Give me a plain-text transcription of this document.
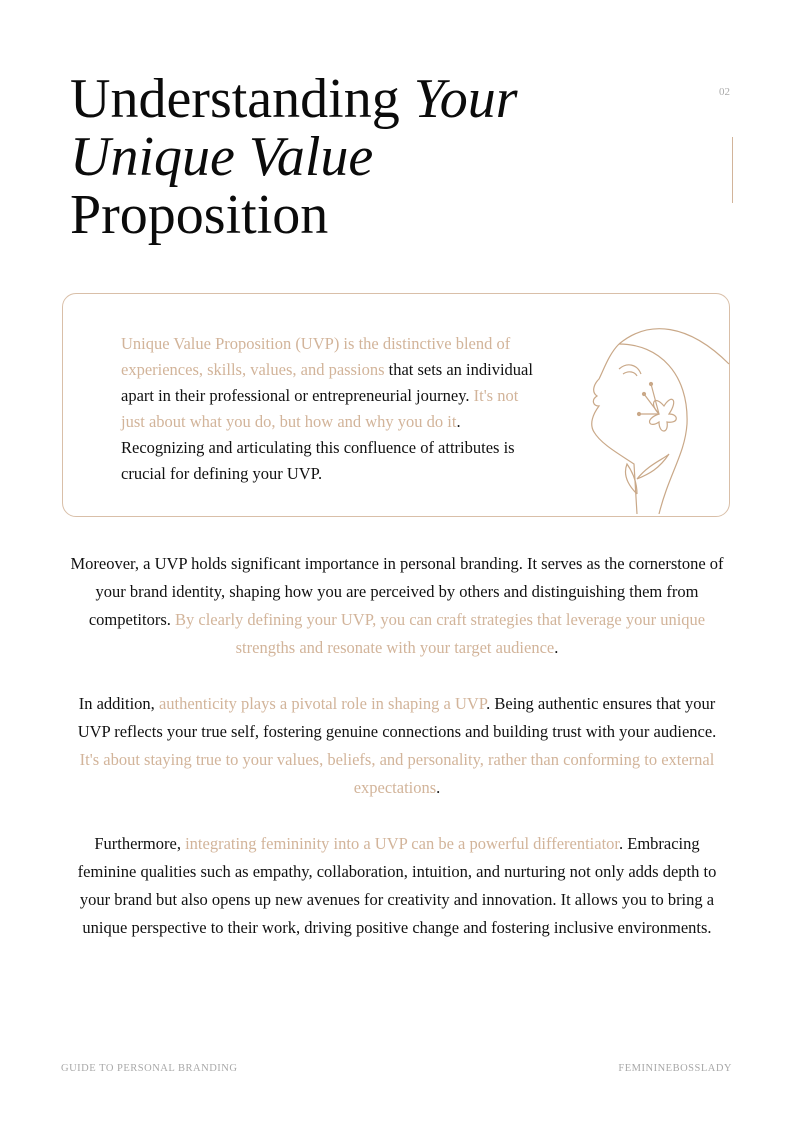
Understanding Your
Unique Value
Proposition
02
Unique Value Proposition (UVP) is the distinctive blend of experiences, skills, values, and passions that sets an individual apart in their professional or entrepreneurial journey. It's not just about what you do, but how and why you do it. Recognizing and articulating this confluence of attributes is crucial for defining your UVP.
Moreover, a UVP holds significant importance in personal branding. It serves as the cornerstone of your brand identity, shaping how you are perceived by others and distinguishing them from competitors. By clearly defining your UVP, you can craft strategies that leverage your unique strengths and resonate with your target audience.
In addition, authenticity plays a pivotal role in shaping a UVP. Being authentic ensures that your UVP reflects your true self, fostering genuine connections and building trust with your audience. It's about staying true to your values, beliefs, and personality, rather than conforming to external expectations.
Furthermore, integrating femininity into a UVP can be a powerful differentiator. Embracing feminine qualities such as empathy, collaboration, intuition, and nurturing not only adds depth to your brand but also opens up new avenues for creativity and innovation. It allows you to bring a unique perspective to their work, driving positive change and fostering inclusive environments.
GUIDE TO PERSONAL BRANDING	FEMININEBOSSLADY
